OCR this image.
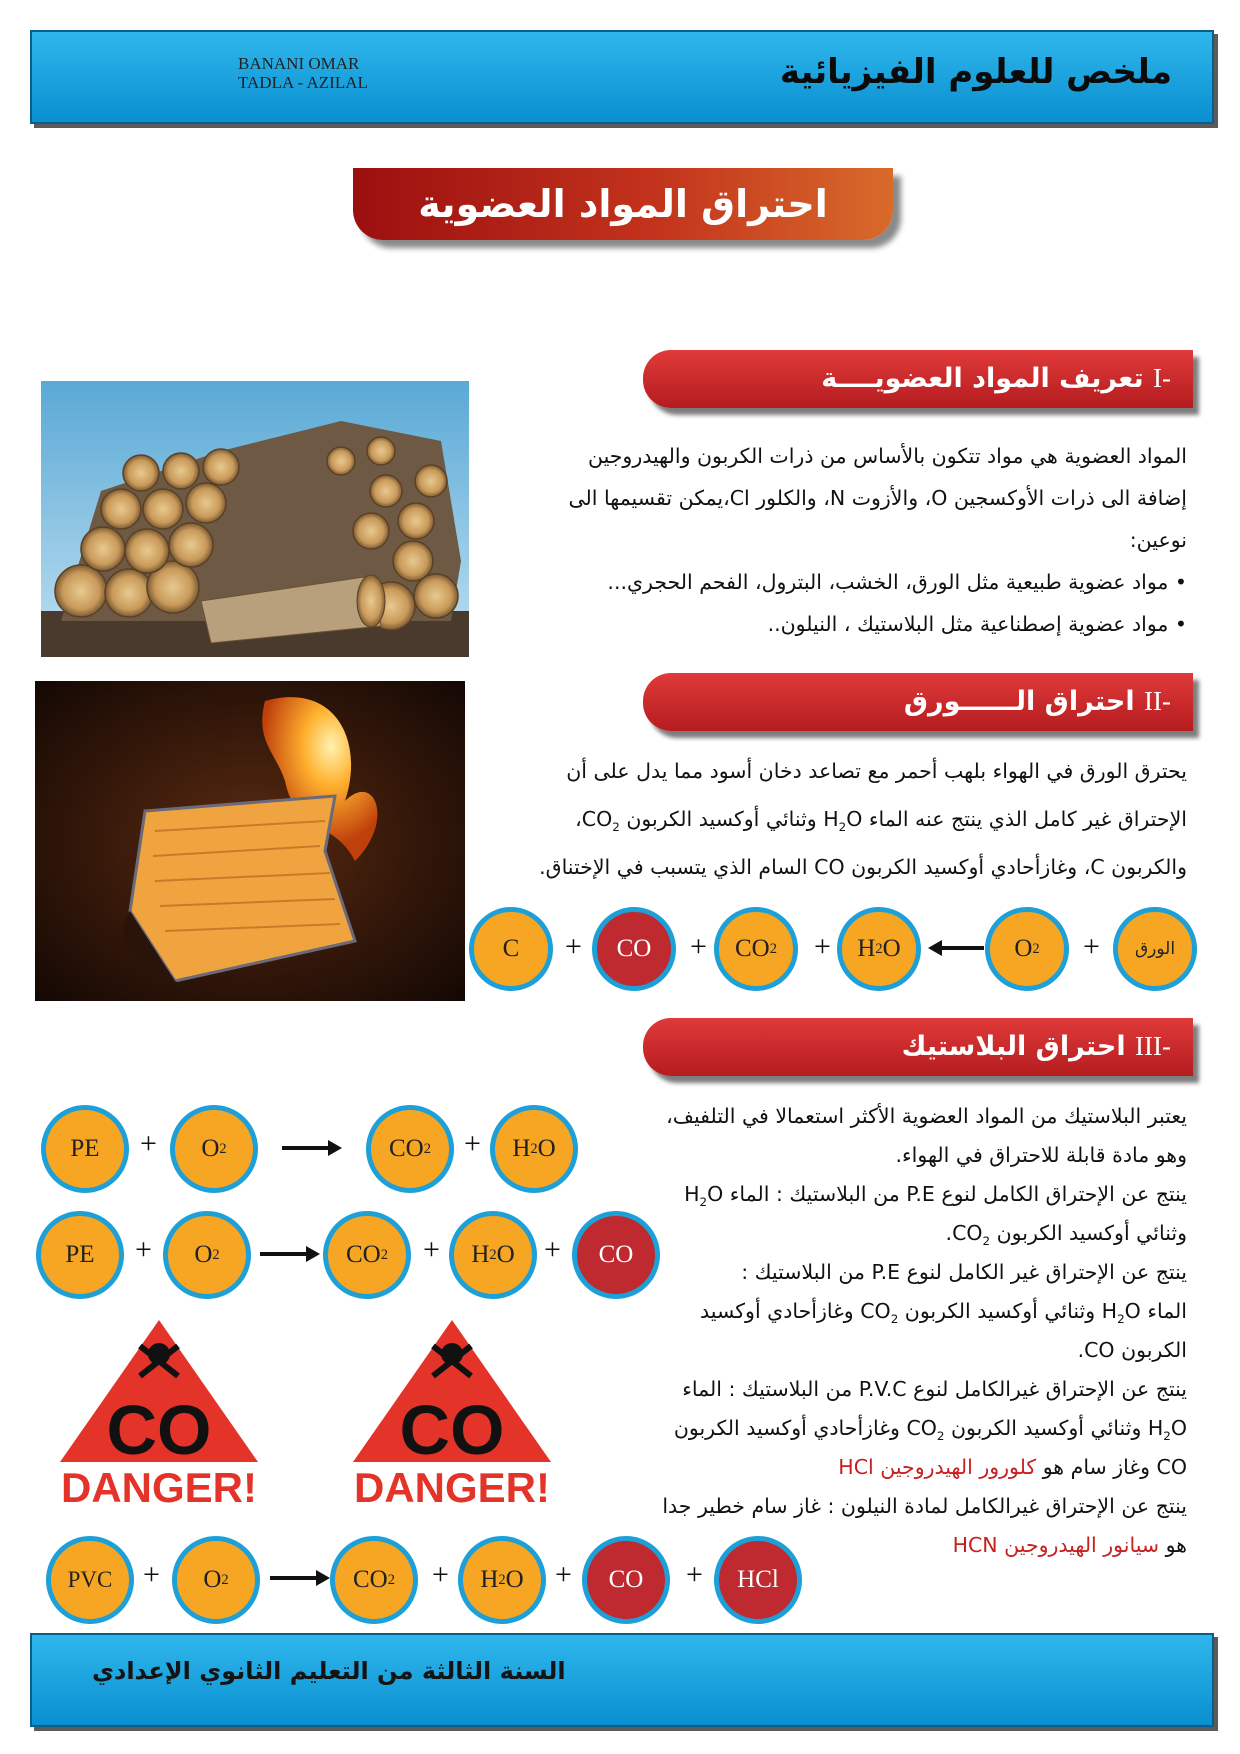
BANANI OMAR
TADLA - AZILAL	ملخص للعلوم الفيزيائية
احتراق المواد العضوية
-I تعريف المواد العضويــــة
المواد العضوية هي مواد تتكون بالأساس من ذرات الكربون والهيدروجين
إضافة الى ذرات الأوكسجين O، والأزوت N، والكلور Cl،يمكن تقسيمها الى
نوعين:
• مواد عضوية طبيعية مثل الورق، الخشب، البترول، الفحم الحجري...
• مواد عضوية إصطناعية مثل البلاستيك ، النيلون..
-II احتراق الــــــورق
يحترق الورق في الهواء بلهب أحمر مع تصاعد دخان أسود مما يدل على أن
الإحتراق غير كامل الذي ينتج عنه الماء $H_2O$ وثنائي أوكسيد الكربون $CO_2،$
والكربون C، وغازأحادي أوكسيد الكربون CO السام الذي يتسبب في الإختناق.
الورق
+
O 2
H 2 O
+
CO 2
+
CO
+
C
-III احتراق البلاستيك
يعتبر البلاستيك من المواد العضوية الأكثر استعمالا في التلفيف،
وهو مادة قابلة للاحتراق في الهواء.
ينتج عن الإحتراق الكامل لنوع P.E من البلاستيك : الماء $H_2O$
وثنائي أوكسيد الكربون $CO_2$.
ينتج عن الإحتراق غير الكامل لنوع P.E من البلاستيك :
الماء $H_2O$ وثنائي أوكسيد الكربون $CO_2$ وغازأحادي أوكسيد
الكربون CO.
ينتج عن الإحتراق غيرالكامل لنوع P.V.C من البلاستيك : الماء
$H_2O$ وثنائي أوكسيد الكربون $CO_2$ وغازأحادي أوكسيد الكربون
CO وغاز سام هو كلورور الهيدروجين HCl
ينتج عن الإحتراق غيرالكامل لمادة النيلون : غاز سام خطير جدا
هو سيانور الهيدروجين HCN
PE + O 2	CO 2 + H 2 O
PE + O 2	CO 2 + H 2 O + CO
CO
DANGER!
CO
DANGER!
PVC + O 2	CO 2 + H 2 O + CO + HCl
السنة الثالثة من التعليم الثانوي الإعدادي
